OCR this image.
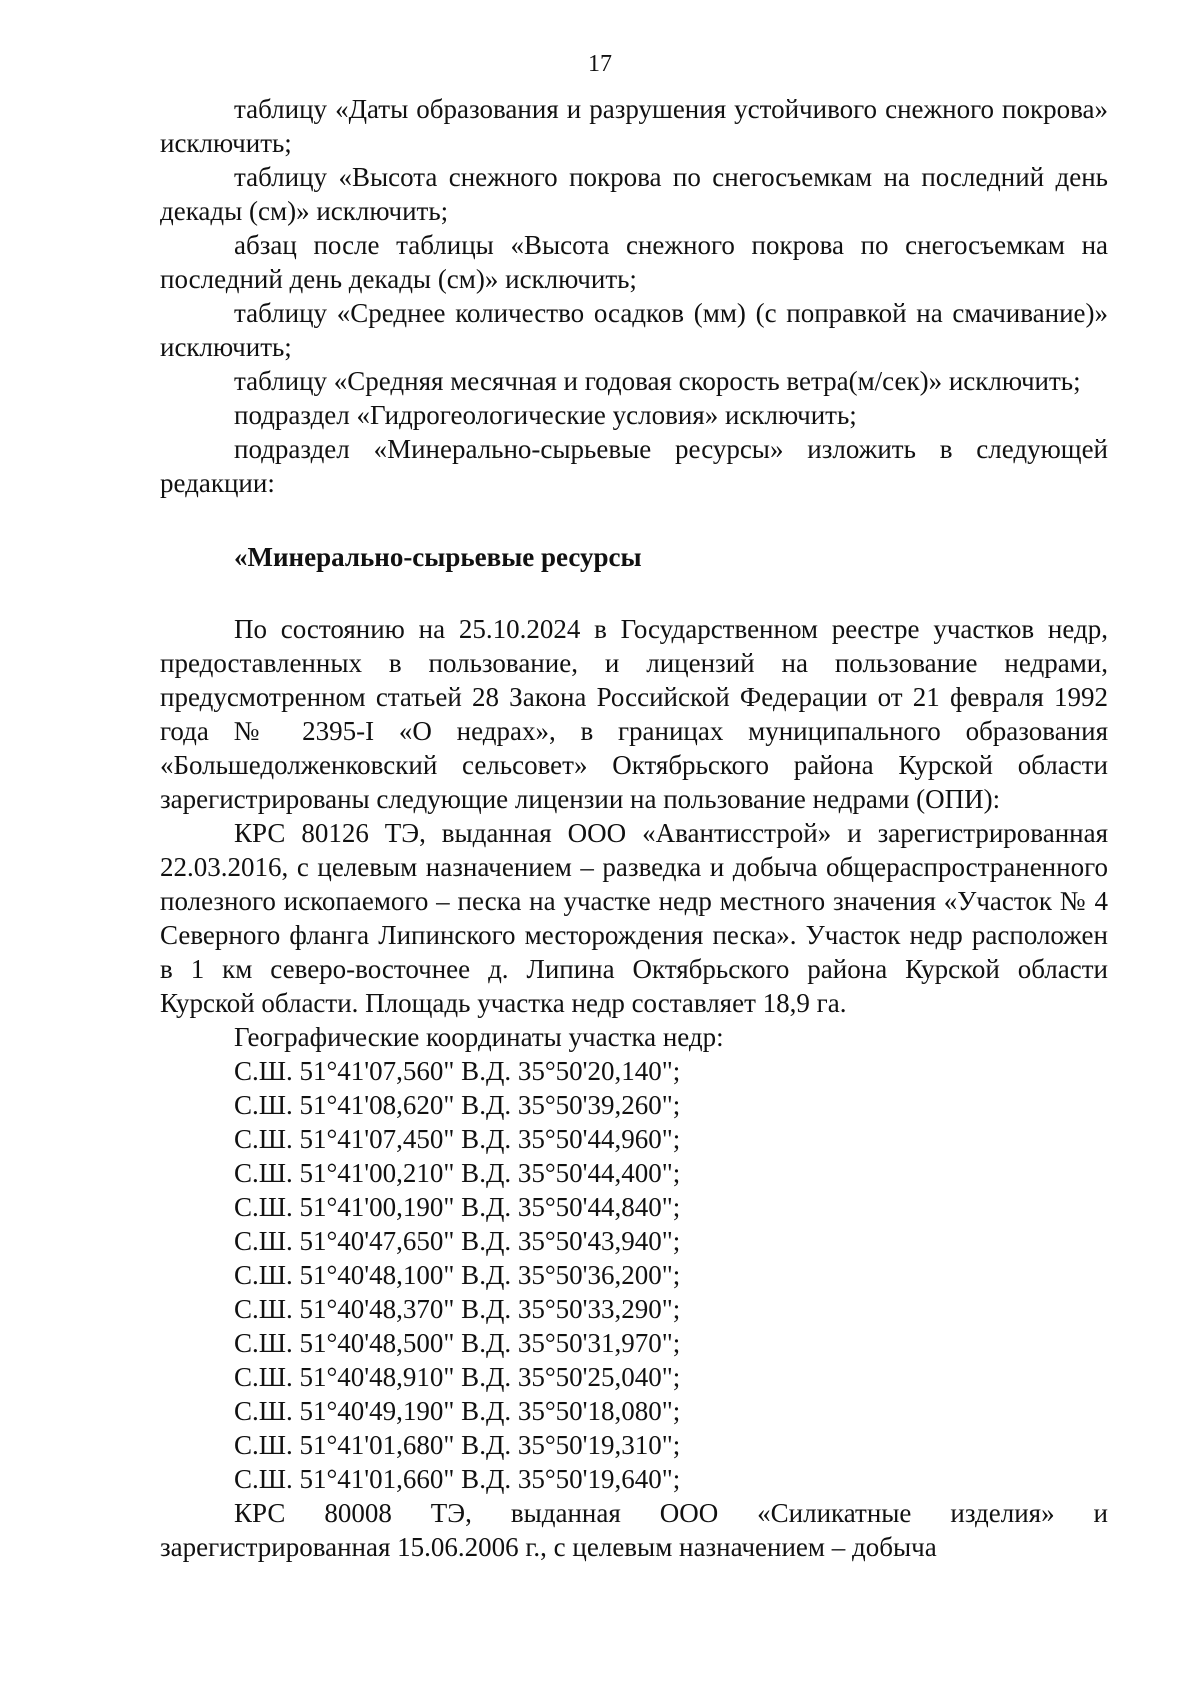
17

таблицу «Даты образования и разрушения устойчивого снежного покрова» исключить;

таблицу «Высота снежного покрова по снегосъемкам на последний день декады (см)» исключить;

абзац после таблицы «Высота снежного покрова по снегосъемкам на последний день декады (см)» исключить;

таблицу «Среднее количество осадков (мм) (с поправкой на смачивание)» исключить;

таблицу «Средняя месячная и годовая скорость ветра(м/сек)» исключить;

подраздел «Гидрогеологические условия» исключить;

подраздел «Минерально-сырьевые ресурсы» изложить в следующей редакции:

«Минерально-сырьевые ресурсы

По состоянию на 25.10.2024 в Государственном реестре участков недр, предоставленных в пользование, и лицензий на пользование недрами, предусмотренном статьей 28 Закона Российской Федерации от 21 февраля 1992 года № 2395-I «О недрах», в границах муниципального образования «Большедолженковский сельсовет» Октябрьского района Курской области зарегистрированы следующие лицензии на пользование недрами (ОПИ):

КРС 80126 ТЭ, выданная ООО «Авантисстрой» и зарегистрированная 22.03.2016, с целевым назначением – разведка и добыча общераспространенного полезного ископаемого – песка на участке недр местного значения «Участок № 4 Северного фланга Липинского месторождения песка». Участок недр расположен в 1 км северо-восточнее д. Липина Октябрьского района Курской области Курской области. Площадь участка недр составляет 18,9 га.

Географические координаты участка недр:

С.Ш. 51°41'07,560" В.Д. 35°50'20,140";
С.Ш. 51°41'08,620" В.Д. 35°50'39,260";
С.Ш. 51°41'07,450" В.Д. 35°50'44,960";
С.Ш. 51°41'00,210" В.Д. 35°50'44,400";
С.Ш. 51°41'00,190" В.Д. 35°50'44,840";
С.Ш. 51°40'47,650" В.Д. 35°50'43,940";
С.Ш. 51°40'48,100" В.Д. 35°50'36,200";
С.Ш. 51°40'48,370" В.Д. 35°50'33,290";
С.Ш. 51°40'48,500" В.Д. 35°50'31,970";
С.Ш. 51°40'48,910" В.Д. 35°50'25,040";
С.Ш. 51°40'49,190" В.Д. 35°50'18,080";
С.Ш. 51°41'01,680" В.Д. 35°50'19,310";
С.Ш. 51°41'01,660" В.Д. 35°50'19,640";

КРС 80008 ТЭ, выданная ООО «Силикатные изделия» и зарегистрированная 15.06.2006 г., с целевым назначением – добыча
